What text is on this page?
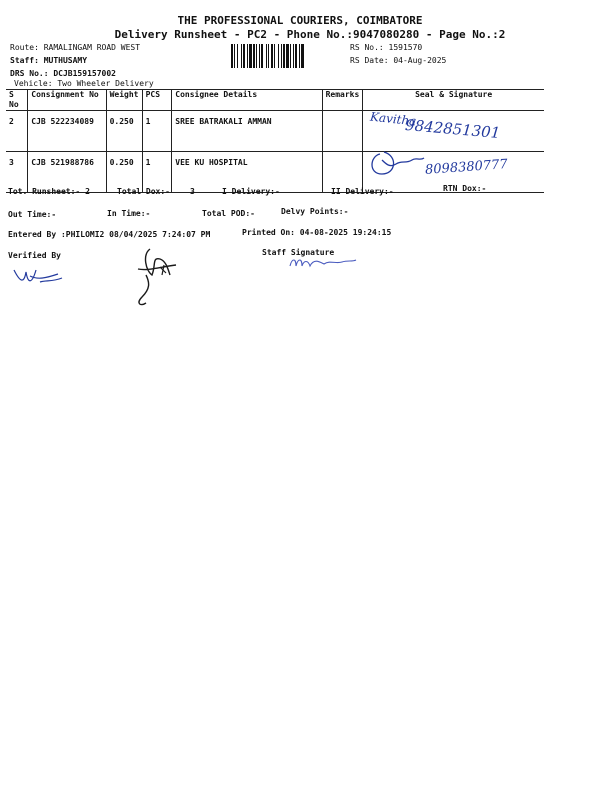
THE PROFESSIONAL COURIERS, COIMBATORE
Delivery Runsheet - PC2 - Phone No.:9047080280 - Page No.:2
Route: RAMALINGAM ROAD WEST
Staff: MUTHUSAMY
DRS No.: DCJB159157002
Vehicle: Two Wheeler Delivery
RS No.: 1591570
RS Date: 04-Aug-2025
S No	Consignment No	Weight	PCS	Consignee Details	Remarks	Seal & Signature
2	CJB 522234089	0.250	1	SREE BATRAKALI AMMAN		
3	CJB 521988786	0.250	1	VEE KU HOSPITAL		
Kavitha
9842851301
8098380777
Tot. Runsheet:- 2	Total Dox:-	3	I Delivery:-	II Delivery:-	RTN Dox:-
Out Time:-	In Time:-	Total POD:-	Delvy Points:-
Entered By :PHILOMI2 08/04/2025 7:24:07 PM	Printed On: 04-08-2025 19:24:15
Verified By	Staff Signature
